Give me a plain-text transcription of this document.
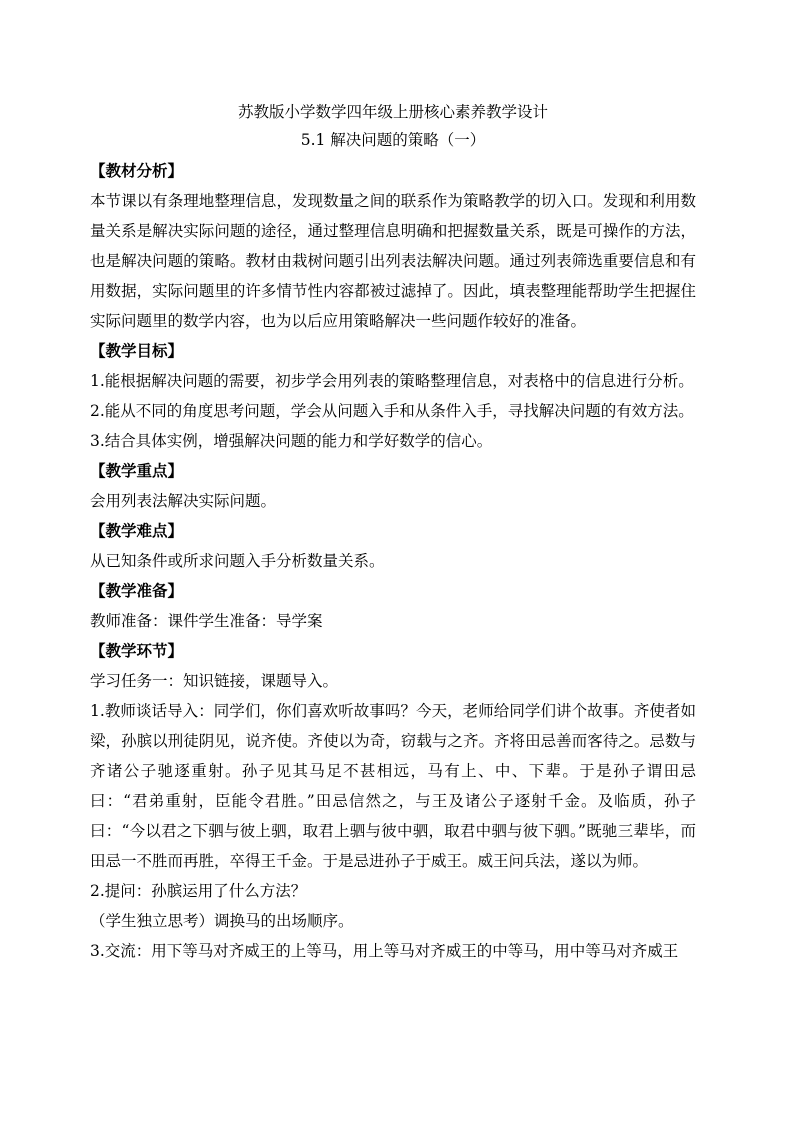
苏教版小学数学四年级上册核心素养教学设计

5.1 解决问题的策略（一）

【教材分析】

本节课以有条理地整理信息，发现数量之间的联系作为策略教学的切入口。发现和利用数量关系是解决实际问题的途径，通过整理信息明确和把握数量关系，既是可操作的方法，也是解决问题的策略。教材由栽树问题引出列表法解决问题。通过列表筛选重要信息和有用数据，实际问题里的许多情节性内容都被过滤掉了。因此，填表整理能帮助学生把握住实际问题里的数学内容，也为以后应用策略解决一些问题作较好的准备。

【教学目标】

1.能根据解决问题的需要，初步学会用列表的策略整理信息，对表格中的信息进行分析。

2.能从不同的角度思考问题，学会从问题入手和从条件入手，寻找解决问题的有效方法。

3.结合具体实例，增强解决问题的能力和学好数学的信心。

【教学重点】

会用列表法解决实际问题。

【教学难点】

从已知条件或所求问题入手分析数量关系。

【教学准备】

教师准备：课件学生准备：导学案

【教学环节】

学习任务一：知识链接，课题导入。

1.教师谈话导入：同学们，你们喜欢听故事吗？今天，老师给同学们讲个故事。齐使者如梁，孙膑以刑徒阴见，说齐使。齐使以为奇，窃载与之齐。齐将田忌善而客待之。忌数与齐诸公子驰逐重射。孙子见其马足不甚相远，马有上、中、下辈。于是孙子谓田忌曰：“君弟重射，臣能令君胜。”田忌信然之，与王及诸公子逐射千金。及临质，孙子曰：“今以君之下驷与彼上驷，取君上驷与彼中驷，取君中驷与彼下驷。”既驰三辈毕，而田忌一不胜而再胜，卒得王千金。于是忌进孙子于威王。威王问兵法，遂以为师。

2.提问：孙膑运用了什么方法？

（学生独立思考）调换马的出场顺序。

3.交流：用下等马对齐威王的上等马，用上等马对齐威王的中等马，用中等马对齐威王
